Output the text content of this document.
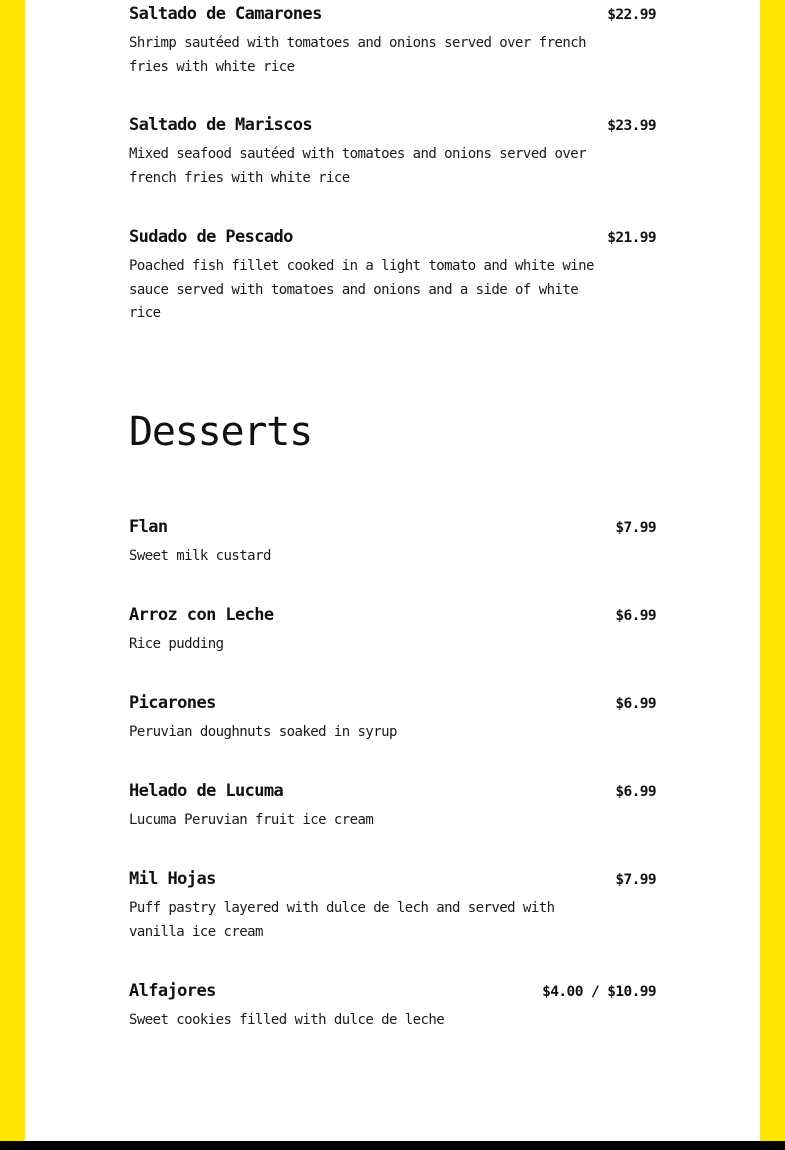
Saltado de Camarones	$22.99
Shrimp sautéed with tomatoes and onions served over french fries with white rice
Saltado de Mariscos	$23.99
Mixed seafood sautéed with tomatoes and onions served over french fries with white rice
Sudado de Pescado	$21.99
Poached fish fillet cooked in a light tomato and white wine sauce served with tomatoes and onions and a side of white rice
Desserts
Flan	$7.99
Sweet milk custard
Arroz con Leche	$6.99
Rice pudding
Picarones	$6.99
Peruvian doughnuts soaked in syrup
Helado de Lucuma	$6.99
Lucuma Peruvian fruit ice cream
Mil Hojas	$7.99
Puff pastry layered with dulce de lech and served with vanilla ice cream
Alfajores	$4.00 / $10.99
Sweet cookies filled with dulce de leche
